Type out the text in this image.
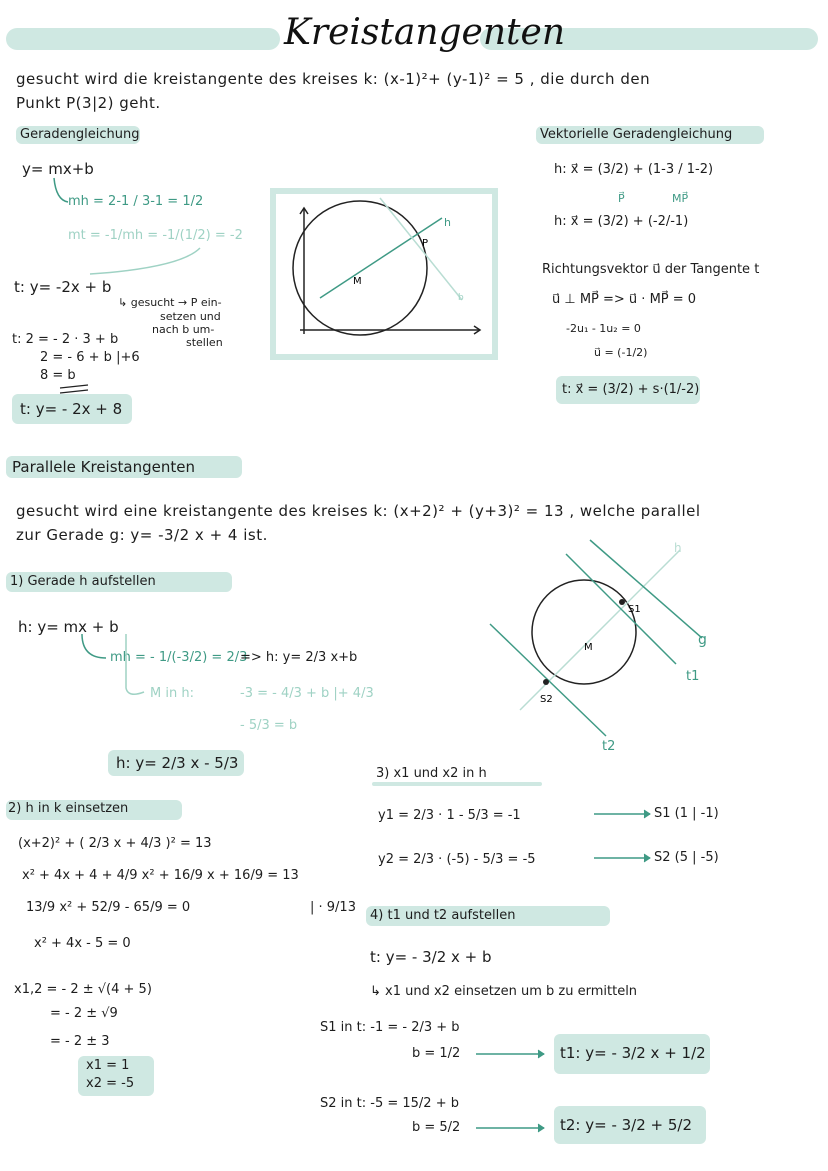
Kreistangenten
gesucht wird die kreistangente des kreises k: (x-1)²+ (y-1)² = 5 , die durch den
Punkt P(3|2) geht.
Geradengleichung	Vektorielle Geradengleichung
y= mx+b
mh = 2-1 / 3-1 = 1/2
mt = -1/mh = -1/(1/2) = -2
t: y= -2x + b
↳ gesucht → P ein-
setzen und
nach b um-
stellen
t: 2 = - 2 · 3 + b
2 = - 6 + b |+6
8 = b
t: y= - 2x + 8
M
P
h
b
h: x⃗ = (3/2) + (1-3 / 1-2)
P⃗	MP⃗
h: x⃗ = (3/2) + (-2/-1)
Richtungsvektor u⃗ der Tangente t
u⃗ ⊥ MP⃗ => u⃗ · MP⃗ = 0
-2u₁ - 1u₂ = 0
u⃗ = (-1/2)
t: x⃗ = (3/2) + s·(1/-2)
Parallele Kreistangenten
gesucht wird eine kreistangente des kreises k: (x+2)² + (y+3)² = 13 , welche parallel
zur Gerade g: y= -3/2 x + 4 ist.
1) Gerade h aufstellen
h: y= mx + b
mh = - 1/(-3/2) = 2/3
=> h: y= 2/3 x+b
M in h:	-3 = - 4/3 + b |+ 4/3
- 5/3 = b
h: y= 2/3 x - 5/3
M
S1
S2
h
g
t1
t2
2) h in k einsetzen
(x+2)² + ( 2/3 x + 4/3 )² = 13
x² + 4x + 4 + 4/9 x² + 16/9 x + 16/9 = 13
13/9 x² + 52/9 - 65/9 = 0	| · 9/13
x² + 4x - 5 = 0
x1,2 = - 2 ± √(4 + 5)
= - 2 ± √9
= - 2 ± 3
x1 = 1
x2 = -5
3) x1 und x2 in h
y1 = 2/3 · 1 - 5/3 = -1	S1 (1 | -1)
y2 = 2/3 · (-5) - 5/3 = -5	S2 (5 | -5)
4) t1 und t2 aufstellen
t: y= - 3/2 x + b
↳ x1 und x2 einsetzen um b zu ermitteln
S1 in t: -1 = - 2/3 + b
b = 1/2	t1: y= - 3/2 x + 1/2
S2 in t: -5 = 15/2 + b
b = 5/2	t2: y= - 3/2 + 5/2
